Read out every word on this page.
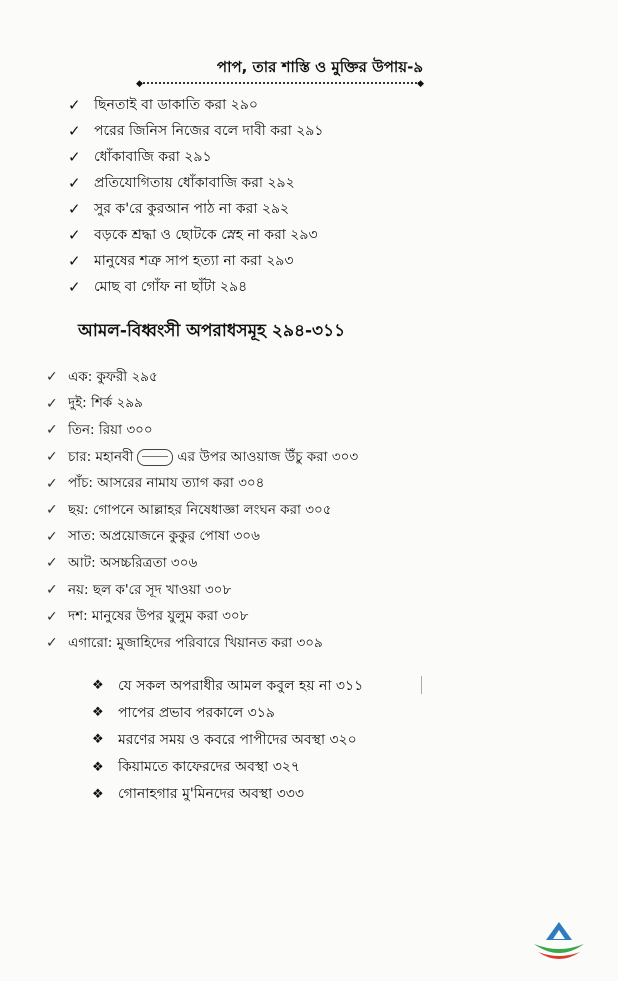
পাপ, তার শাস্তি ও মুক্তির উপায়-৯
◆	◆
✓ ছিনতাই বা ডাকাতি করা ২৯০
✓ পরের জিনিস নিজের বলে দাবী করা ২৯১
✓ ধোঁকাবাজি করা ২৯১
✓ প্রতিযোগিতায় ধোঁকাবাজি করা ২৯২
✓ সুর ক'রে কুরআন পাঠ না করা ২৯২
✓ বড়কে শ্রদ্ধা ও ছোটকে স্নেহ না করা ২৯৩
✓ মানুষের শত্রু সাপ হত্যা না করা ২৯৩
✓ মোছ বা গোঁফ না ছাঁটা ২৯৪
আমল-বিধ্বংসী অপরাধসমূহ ২৯৪-৩১১
✓ এক: কুফরী ২৯৫
✓ দুই: শির্ক ২৯৯
✓ তিন: রিয়া ৩০০
✓ চার: মহানবী	এর উপর আওয়াজ উঁচু করা ৩০৩
✓ পাঁচ: আসরের নামায ত্যাগ করা ৩০৪
✓ ছয়: গোপনে আল্লাহর নিষেধাজ্ঞা লংঘন করা ৩০৫
✓ সাত: অপ্রয়োজনে কুকুর পোষা ৩০৬
✓ আট: অসচ্চরিত্রতা ৩০৬
✓ নয়: ছল ক'রে সূদ খাওয়া ৩০৮
✓ দশ: মানুষের উপর যুলুম করা ৩০৮
✓ এগারো: মুজাহিদের পরিবারে খিয়ানত করা ৩০৯
❖	যে সকল অপরাধীর আমল কবুল হয় না ৩১১
❖	পাপের প্রভাব পরকালে ৩১৯
❖	মরণের সময় ও কবরে পাপীদের অবস্থা ৩২০
❖	কিয়ামতে কাফেরদের অবস্থা ৩২৭
❖	গোনাহগার মু'মিনদের অবস্থা ৩৩৩
